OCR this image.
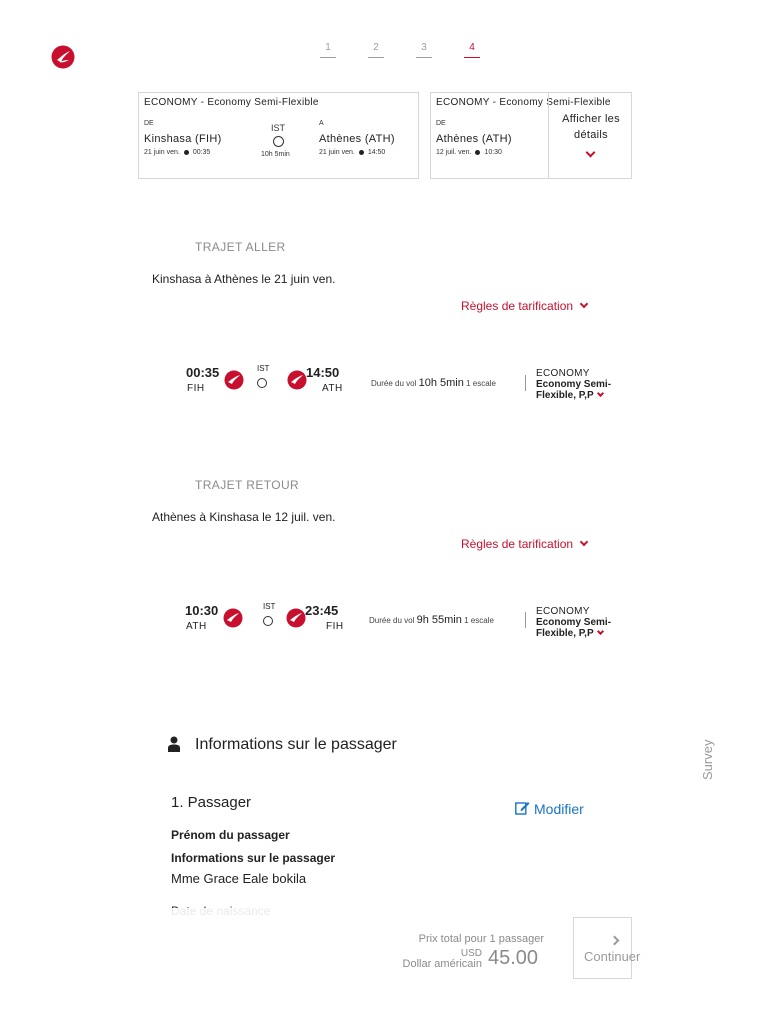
1	2	3	4
ECONOMY - Economy Semi-Flexible
DE
Kinshasa (FIH)
21 juin ven. 00:35
IST
10h 5min
A
Athènes (ATH)
21 juin ven. 14:50
ECONOMY - Economy Semi-Flexible
DE
Athènes (ATH)
12 juil. ven. 10:30
Afficher les détails
TRAJET ALLER
Kinshasa à Athènes le 21 juin ven.
Règles de tarification
00:35
FIH
IST	14:50
ATH	Durée du vol 10h 5min 1 escale
ECONOMY
Economy Semi-Flexible, P,P
TRAJET RETOUR
Athènes à Kinshasa le 12 juil. ven.
Règles de tarification
10:30
ATH
IST 23:45
FIH
Durée du vol 9h 55min 1 escale
ECONOMY
Economy Semi-Flexible, P,P
Informations sur le passager
1. Passager	Modifier
Prénom du passager
Informations sur le passager
Mme Grace Eale bokila
Survey
Prix total pour 1 passager
USD
Dollar américain 45.00	Continuer
